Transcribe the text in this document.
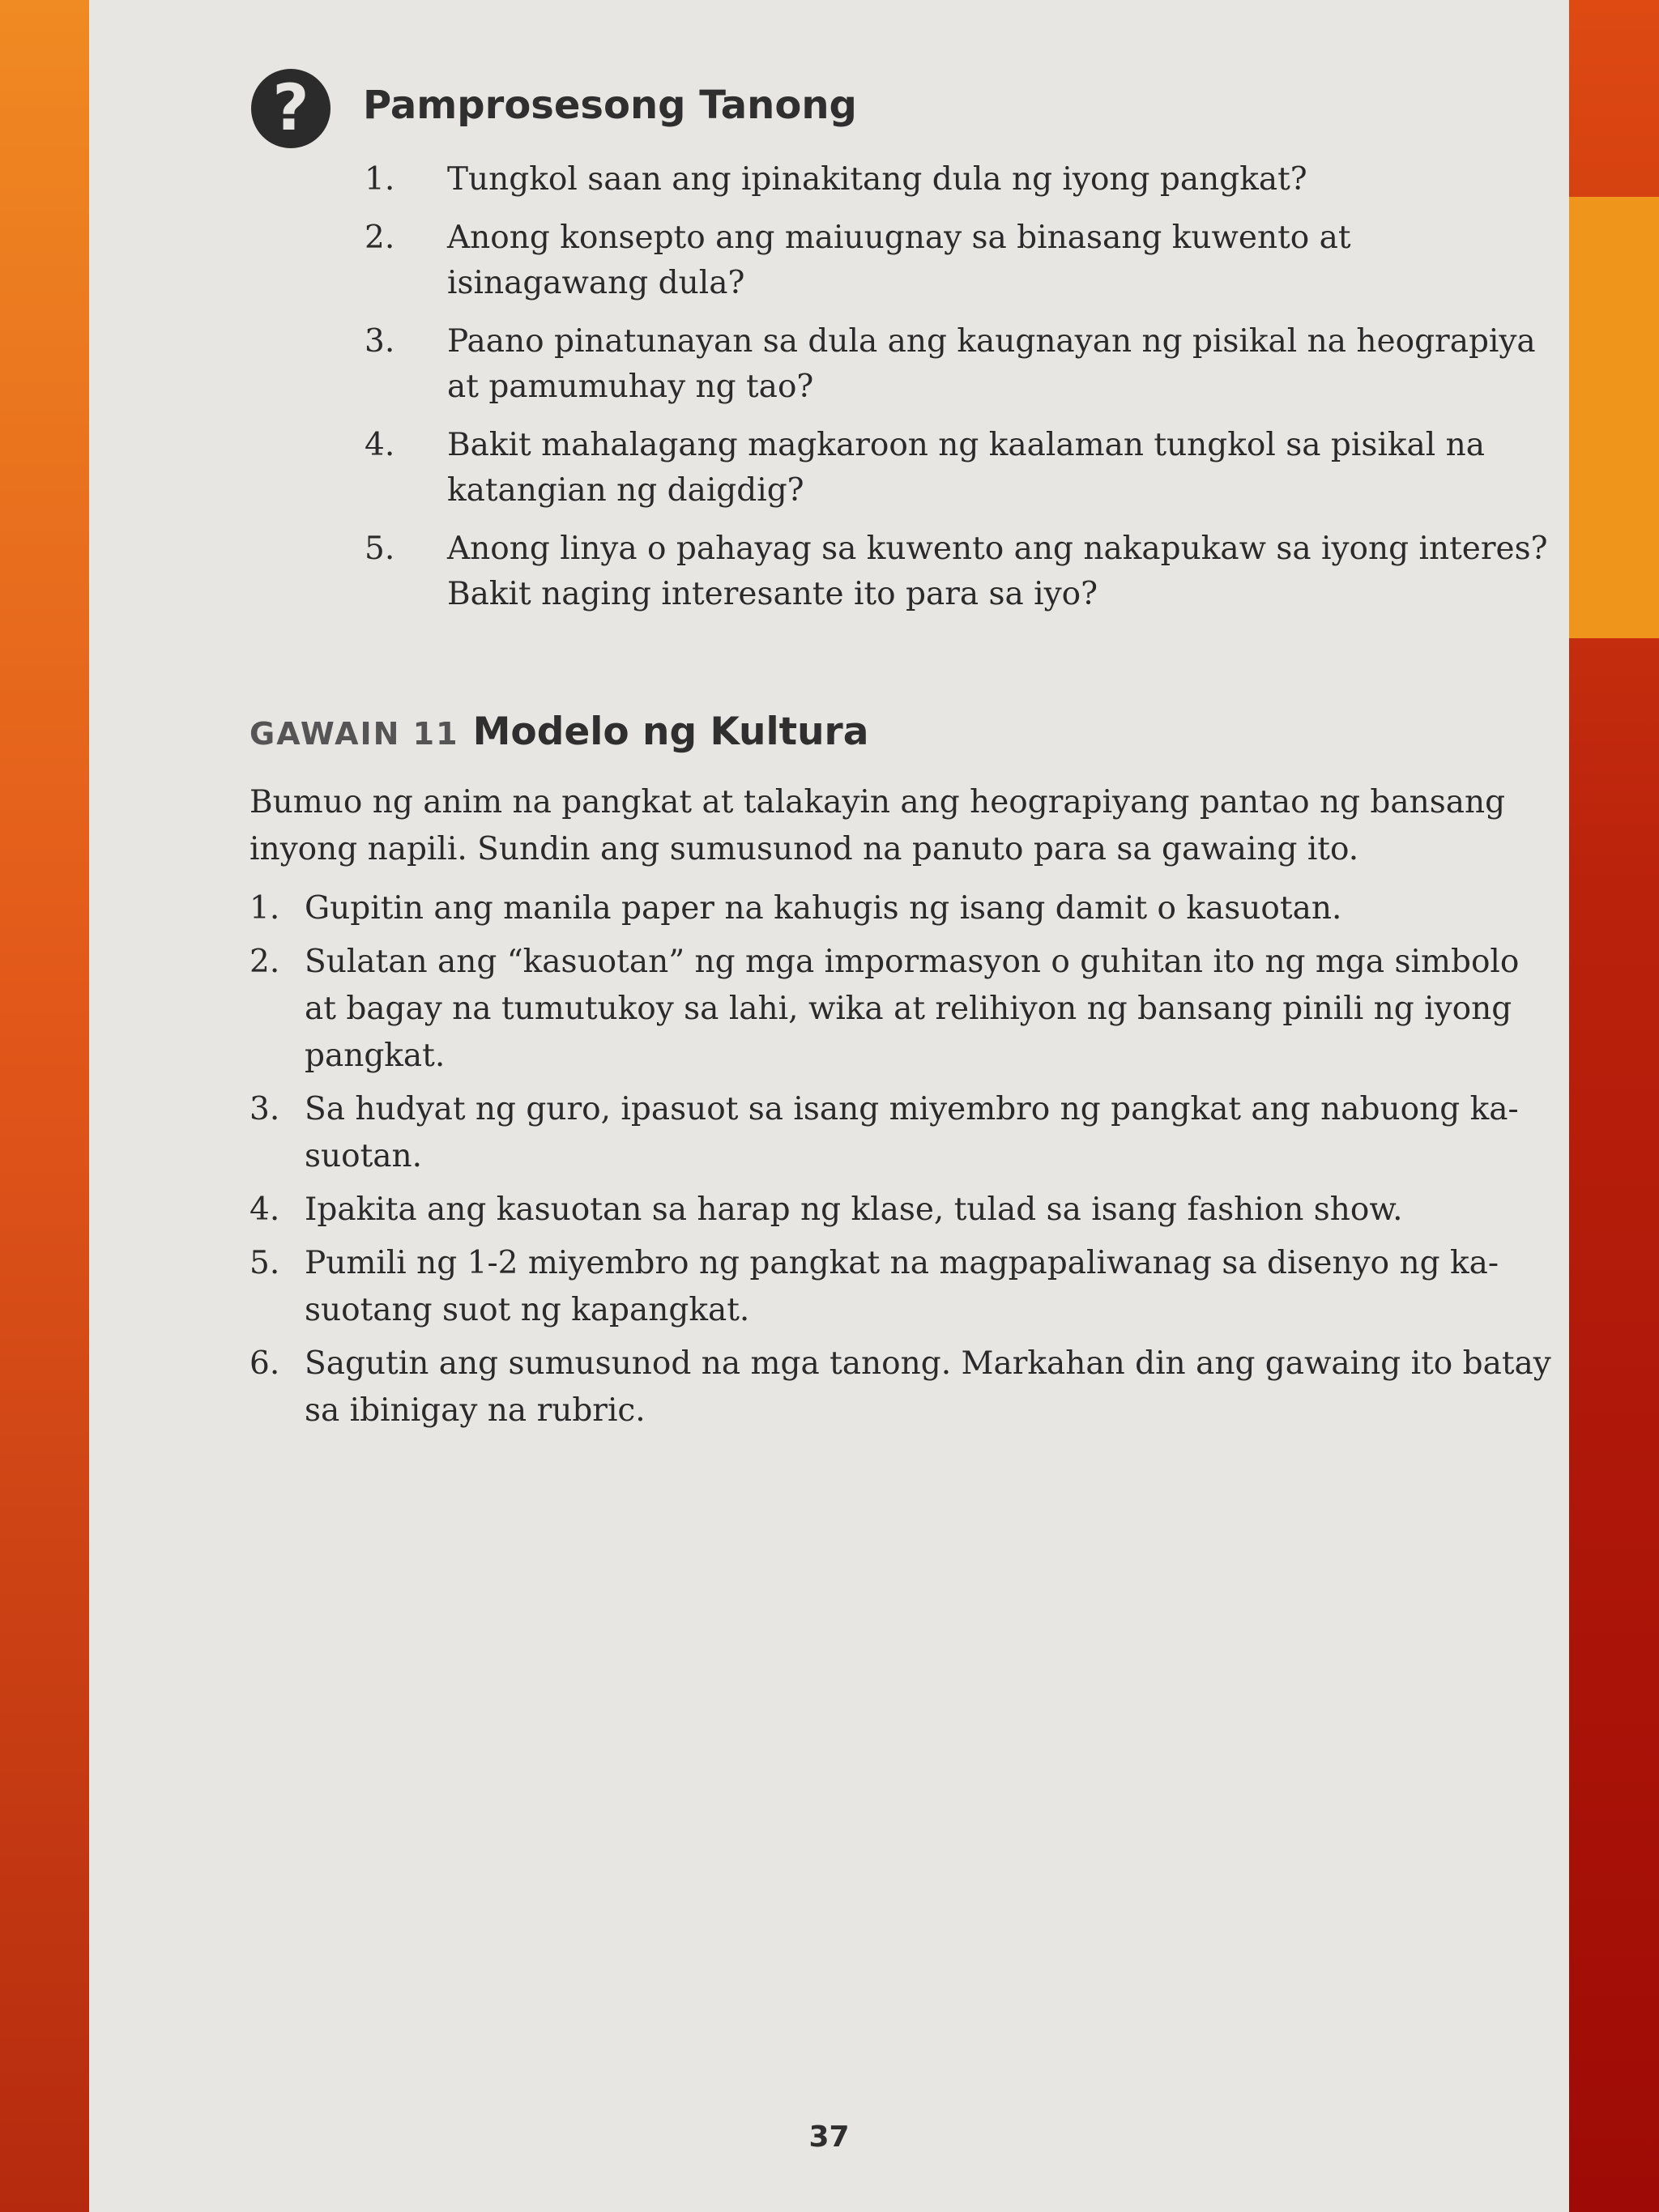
?	Pamprosesong Tanong
1. Tungkol saan ang ipinakitang dula ng iyong pangkat?
2. Anong konsepto ang maiuugnay sa binasang kuwento at isinagawang dula?
3. Paano pinatunayan sa dula ang kaugnayan ng pisikal na heograpiya at pamumuhay ng tao?
4. Bakit mahalagang magkaroon ng kaalaman tungkol sa pisikal na katangian ng daigdig?
5. Anong linya o pahayag sa kuwento ang nakapukaw sa iyong interes? Bakit naging interesante ito para sa iyo?
GAWAIN 11 Modelo ng Kultura

Bumuo ng anim na pangkat at talakayin ang heograpiyang pantao ng bansang inyong napili. Sundin ang sumusunod na panuto para sa gawaing ito.

1. Gupitin ang manila paper na kahugis ng isang damit o kasuotan.
2. Sulatan ang “kasuotan” ng mga impormasyon o guhitan ito ng mga simbolo at bagay na tumutukoy sa lahi, wika at relihiyon ng bansang pinili ng iyong pangkat.
3. Sa hudyat ng guro, ipasuot sa isang miyembro ng pangkat ang nabuong ka-suotan.
4. Ipakita ang kasuotan sa harap ng klase, tulad sa isang fashion show.
5. Pumili ng 1-2 miyembro ng pangkat na magpapaliwanag sa disenyo ng ka-suotang suot ng kapangkat.
6. Sagutin ang sumusunod na mga tanong. Markahan din ang gawaing ito batay sa ibinigay na rubric.
37
